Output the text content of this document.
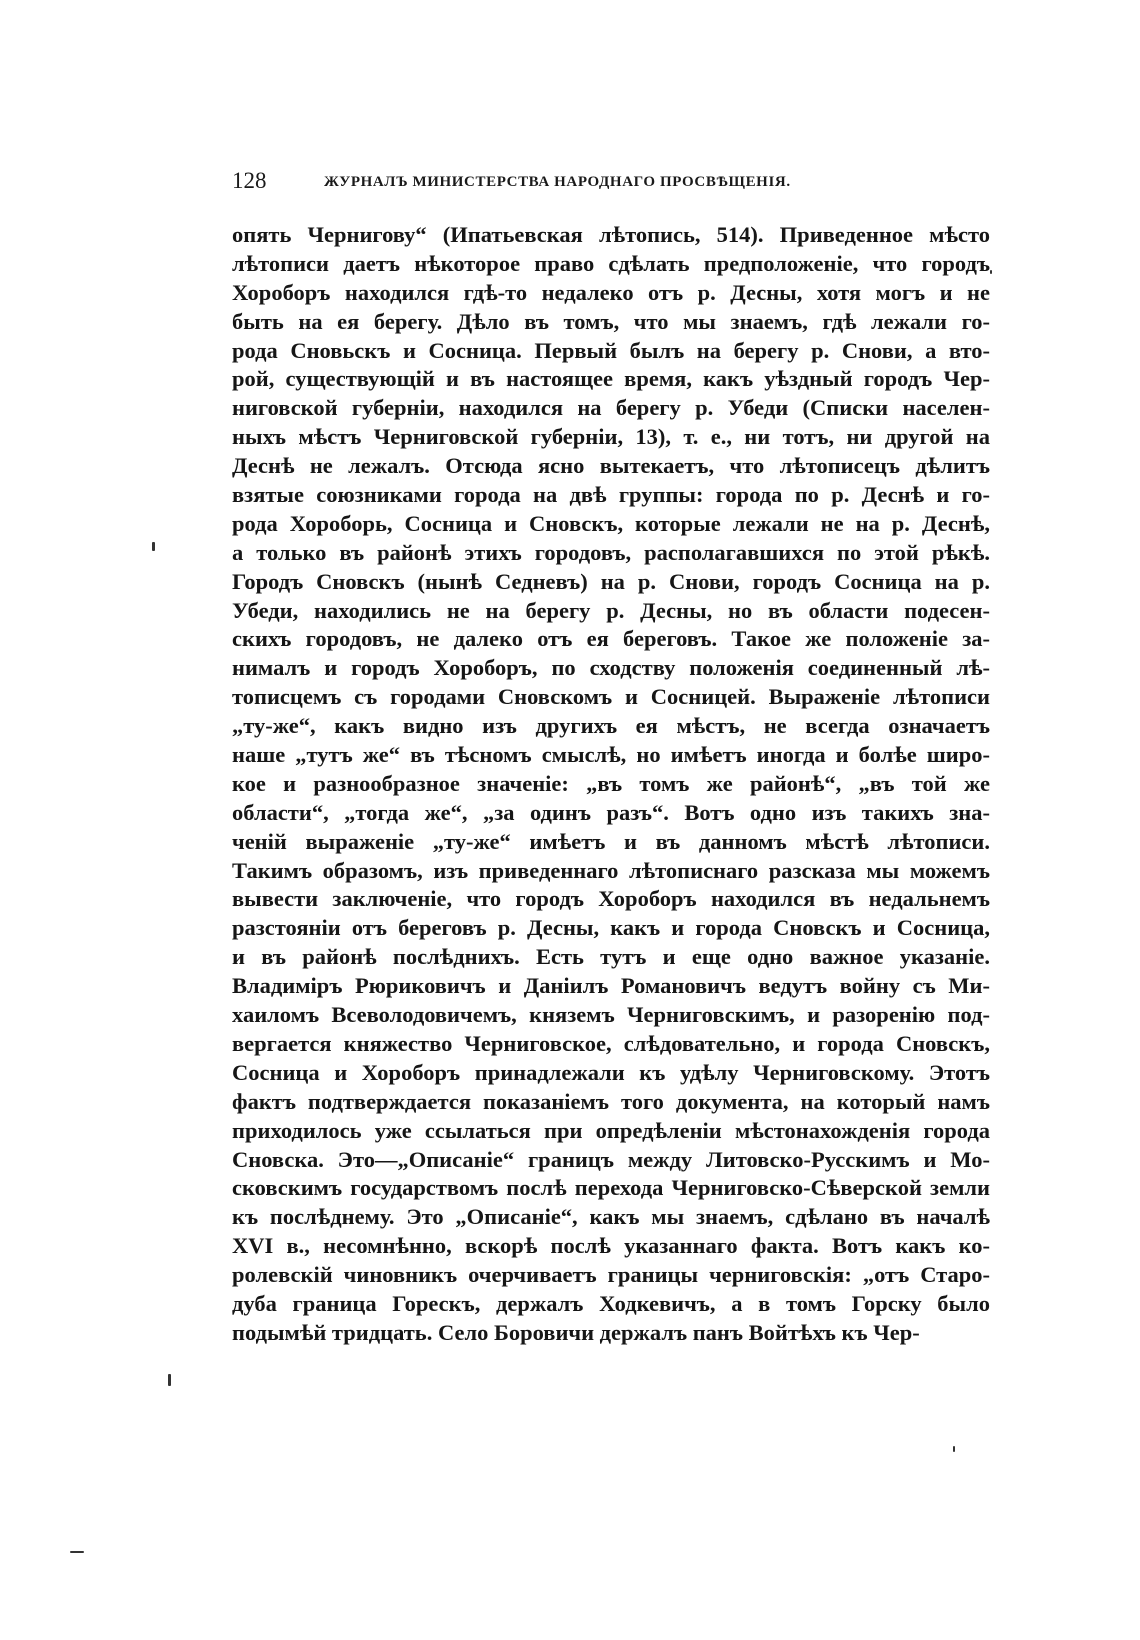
128	ЖУРНАЛЪ МИНИСТЕРСТВА НАРОДНАГО ПРОСВѢЩЕНІЯ.
опять Чернигову“ (Ипатьевская лѣтопись, 514). Приведенное мѣсто
лѣтописи даетъ нѣкоторое право сдѣлать предположеніе, что городъ
Хороборъ находился гдѣ-то недалеко отъ р. Десны, хотя могъ и не
быть на ея берегу. Дѣло въ томъ, что мы знаемъ, гдѣ лежали го-
рода Сновьскъ и Сосница. Первый былъ на берегу р. Снови, а вто-
рой, существующій и въ настоящее время, какъ уѣздный городъ Чер-
ниговской губерніи, находился на берегу р. Убеди (Списки населен-
ныхъ мѣстъ Черниговской губерніи, 13), т. е., ни тотъ, ни другой на
Деснѣ не лежалъ. Отсюда ясно вытекаетъ, что лѣтописецъ дѣлитъ
взятые союзниками города на двѣ группы: города по р. Деснѣ и го-
рода Хороборь, Сосница и Сновскъ, которые лежали не на р. Деснѣ,
а только въ районѣ этихъ городовъ, располагавшихся по этой рѣкѣ.
Городъ Сновскъ (нынѣ Седневъ) на р. Снови, городъ Сосница на р.
Убеди, находились не на берегу р. Десны, но въ области подесен-
скихъ городовъ, не далеко отъ ея береговъ. Такое же положеніе за-
нималъ и городъ Хороборъ, по сходству положенія соединенный лѣ-
тописцемъ съ городами Сновскомъ и Сосницей. Выраженіе лѣтописи
„ту-же“, какъ видно изъ другихъ ея мѣстъ, не всегда означаетъ
наше „тутъ же“ въ тѣсномъ смыслѣ, но имѣетъ иногда и болѣе широ-
кое и разнообразное значеніе: „въ томъ же районѣ“, „въ той же
области“, „тогда же“, „за одинъ разъ“. Вотъ одно изъ такихъ зна-
ченій выраженіе „ту-же“ имѣетъ и въ данномъ мѣстѣ лѣтописи.
Такимъ образомъ, изъ приведеннаго лѣтописнаго разсказа мы можемъ
вывести заключеніе, что городъ Хороборъ находился въ недальнемъ
разстояніи отъ береговъ р. Десны, какъ и города Сновскъ и Сосница,
и въ районѣ послѣднихъ. Есть тутъ и еще одно важное указаніе.
Владиміръ Рюриковичъ и Даніилъ Романовичъ ведутъ войну съ Ми-
хаиломъ Всеволодовичемъ, княземъ Черниговскимъ, и разоренію под-
вергается княжество Черниговское, слѣдовательно, и города Сновскъ,
Сосница и Хороборъ принадлежали къ удѣлу Черниговскому. Этотъ
фактъ подтверждается показаніемъ того документа, на который намъ
приходилось уже ссылаться при опредѣленіи мѣстонахожденія города
Сновска. Это—„Описаніе“ границъ между Литовско-Русскимъ и Мо-
сковскимъ государствомъ послѣ перехода Черниговско-Сѣверской земли
къ послѣднему. Это „Описаніе“, какъ мы знаемъ, сдѣлано въ началѣ
XVI в., несомнѣнно, вскорѣ послѣ указаннаго факта. Вотъ какъ ко-
ролевскій чиновникъ очерчиваетъ границы черниговскія: „отъ Старо-
дуба граница Горескъ, держалъ Ходкевичъ, а в томъ Горску было
подымѣй тридцать. Село Боровичи держалъ панъ Войтѣхъ къ Чер-
